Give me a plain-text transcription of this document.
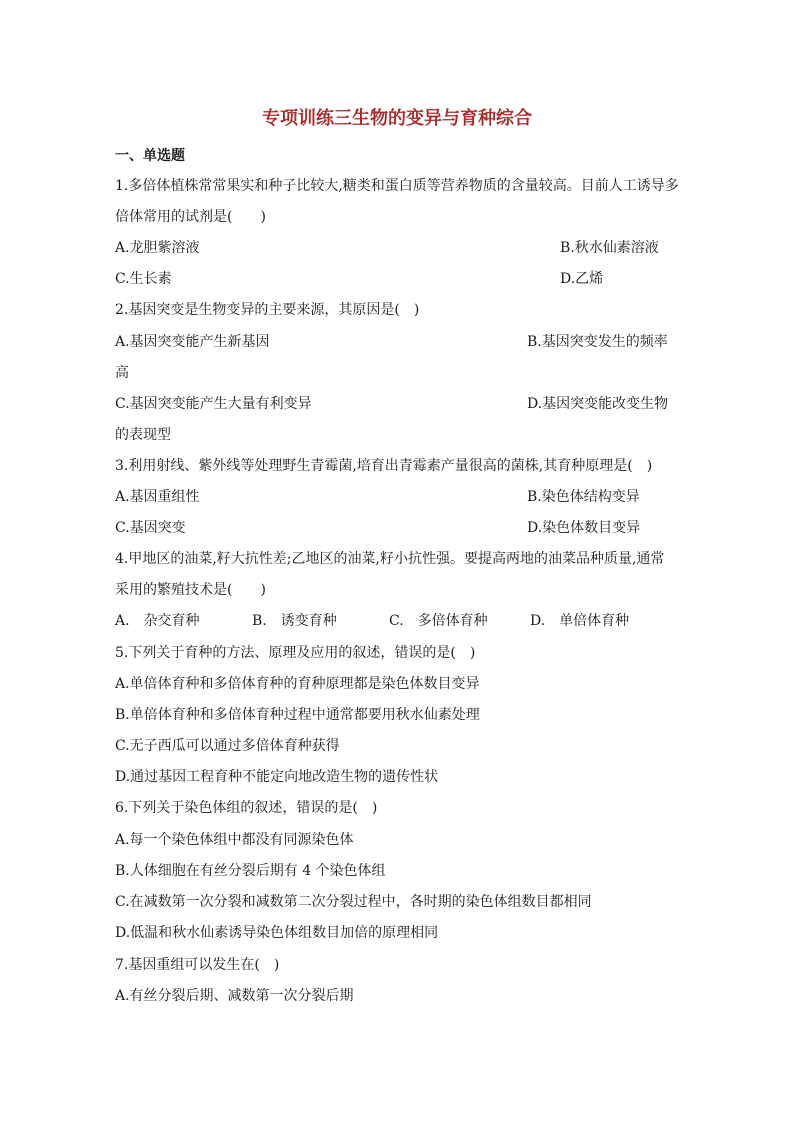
专项训练三生物的变异与育种综合
一、单选题
1.多倍体植株常常果实和种子比较大,糖类和蛋白质等营养物质的含量较高。目前人工诱导多
倍体常用的试剂是(　　)
A.龙胆紫溶液	B.秋水仙素溶液
C.生长素	D.乙烯
2.基因突变是生物变异的主要来源，其原因是(　)
A.基因突变能产生新基因	B.基因突变发生的频率
高
C.基因突变能产生大量有利变异	D.基因突变能改变生物
的表现型
3.利用射线、紫外线等处理野生青霉菌,培育出青霉素产量很高的菌株,其育种原理是(　)
A.基因重组性	B.染色体结构变异
C.基因突变	D.染色体数目变异
4.甲地区的油菜,籽大抗性差;乙地区的油菜,籽小抗性强。要提高两地的油菜品种质量,通常
采用的繁殖技术是(　　)
A.　杂交育种	B.　诱变育种	C.　多倍体育种	D.　单倍体育种
5.下列关于育种的方法、原理及应用的叙述，错误的是(　)
A.单倍体育种和多倍体育种的育种原理都是染色体数目变异
B.单倍体育种和多倍体育种过程中通常都要用秋水仙素处理
C.无子西瓜可以通过多倍体育种获得
D.通过基因工程育种不能定向地改造生物的遗传性状
6.下列关于染色体组的叙述，错误的是(　)
A.每一个染色体组中都没有同源染色体
B.人体细胞在有丝分裂后期有 4 个染色体组
C.在减数第一次分裂和减数第二次分裂过程中，各时期的染色体组数目都相同
D.低温和秋水仙素诱导染色体组数目加倍的原理相同
7.基因重组可以发生在(　)
A.有丝分裂后期、减数第一次分裂后期
